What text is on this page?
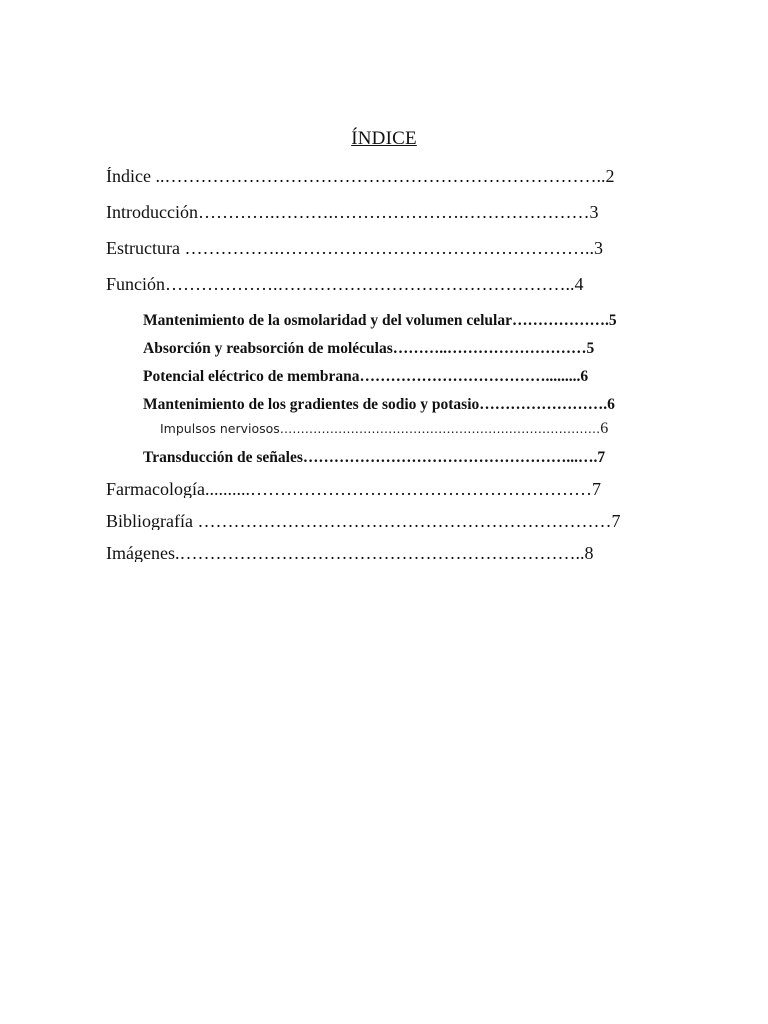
ÍNDICE
Índice ..………………………………………………………………..2
Introducción………….……….………………….…………………3
Estructura …………….……………………………………………..3
Función……………….…………………………………………..4
Mantenimiento de la osmolaridad y del volumen celular……………….5
Absorción y reabsorción de moléculas………..………………………5
Potencial eléctrico de membrana……………………………….........6
Mantenimiento de los gradientes de sodio y potasio…………………….6
Impulsos nerviosos………………………………………………..…………………6
Transducción de señales……………………………………………...….7
Farmacología..........…………………………………………………7
Bibliografía ……………………………………………………………7
Imágenes.…………………………………………………………..8
